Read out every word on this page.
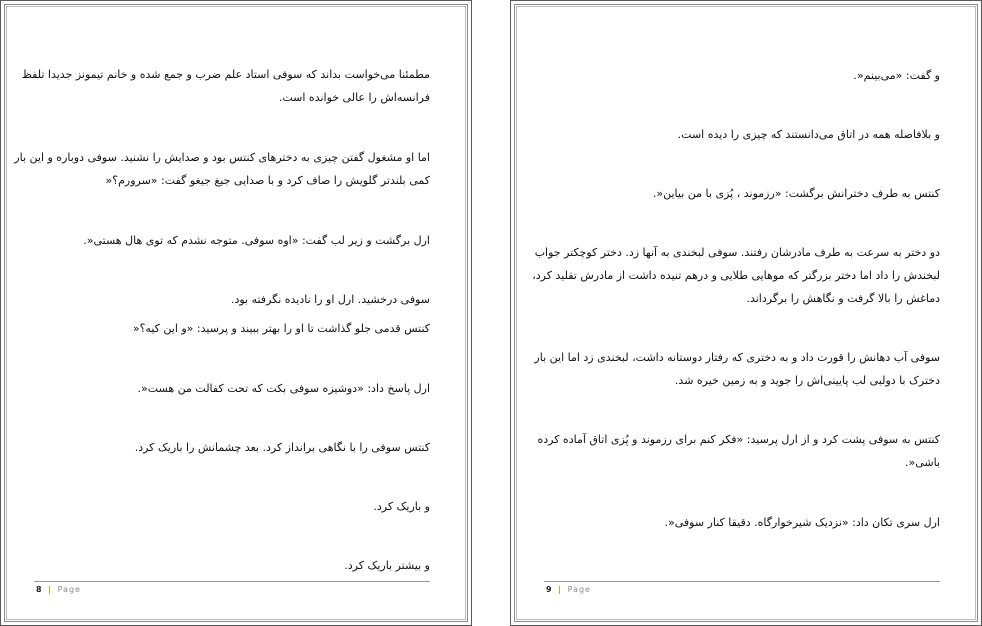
مطمئنا می‌خواست بداند که سوفی استاد علم ضرب و جمع شده و خانم تیمونز جدیدا تلفظ
فرانسه‌اش را عالی خوانده است.
اما او مشغول گفتن چیزی به دخترهای کنتس بود و صدایش را نشنید. سوفی دوباره و این بار
کمی بلندتر گلویش را صاف کرد و با صدایی جیغ جیغو گفت: «سرورم؟«
ارل برگشت و زیر لب گفت: «اوه سوفی. متوجه نشدم که توی هال هستی«.
سوفی درخشید. ارل او را نادیده نگرفته بود.
کنتس قدمی جلو گذاشت تا او را بهتر ببیند و پرسید: «و این کیه؟«
ارل پاسخ داد: «دوشیزه سوفی بکت که تحت کفالت من هست«.
کنتس سوفی را با نگاهی برانداز کرد. بعد چشمانش را باریک کرد.
و باریک کرد.
و بیشتر باریک کرد.
8 | Page
و گفت: «می‌بینم«.
و بلافاصله همه در اتاق می‌دانستند که چیزی را دیده است.
کنتس به طرف دخترانش برگشت: «رزموند ، پُزی با من بیاین«.
دو دختر به سرعت به طرف مادرشان رفتند. سوفی لبخندی به آنها زد. دختر کوچکتر جواب
لبخندش را داد اما دختر بزرگتر که موهایی طلایی و درهم تنیده داشت از مادرش تقلید کرد،
دماغش را بالا گرفت و نگاهش را برگرداند.
سوفی آب دهانش را قورت داد و به دختری که رفتار دوستانه داشت، لبخندی زد اما این بار
دخترک با دولبی لب پایینی‌اش را جوید و به زمین خیره شد.
کنتس به سوفی پشت کرد و از ارل پرسید: «فکر کنم برای رزموند و پُزی اتاق آماده کرده
باشی«.
ارل سری تکان داد: «نزدیک شیرخوارگاه. دقیقا کنار سوفی«.
9 | Page
